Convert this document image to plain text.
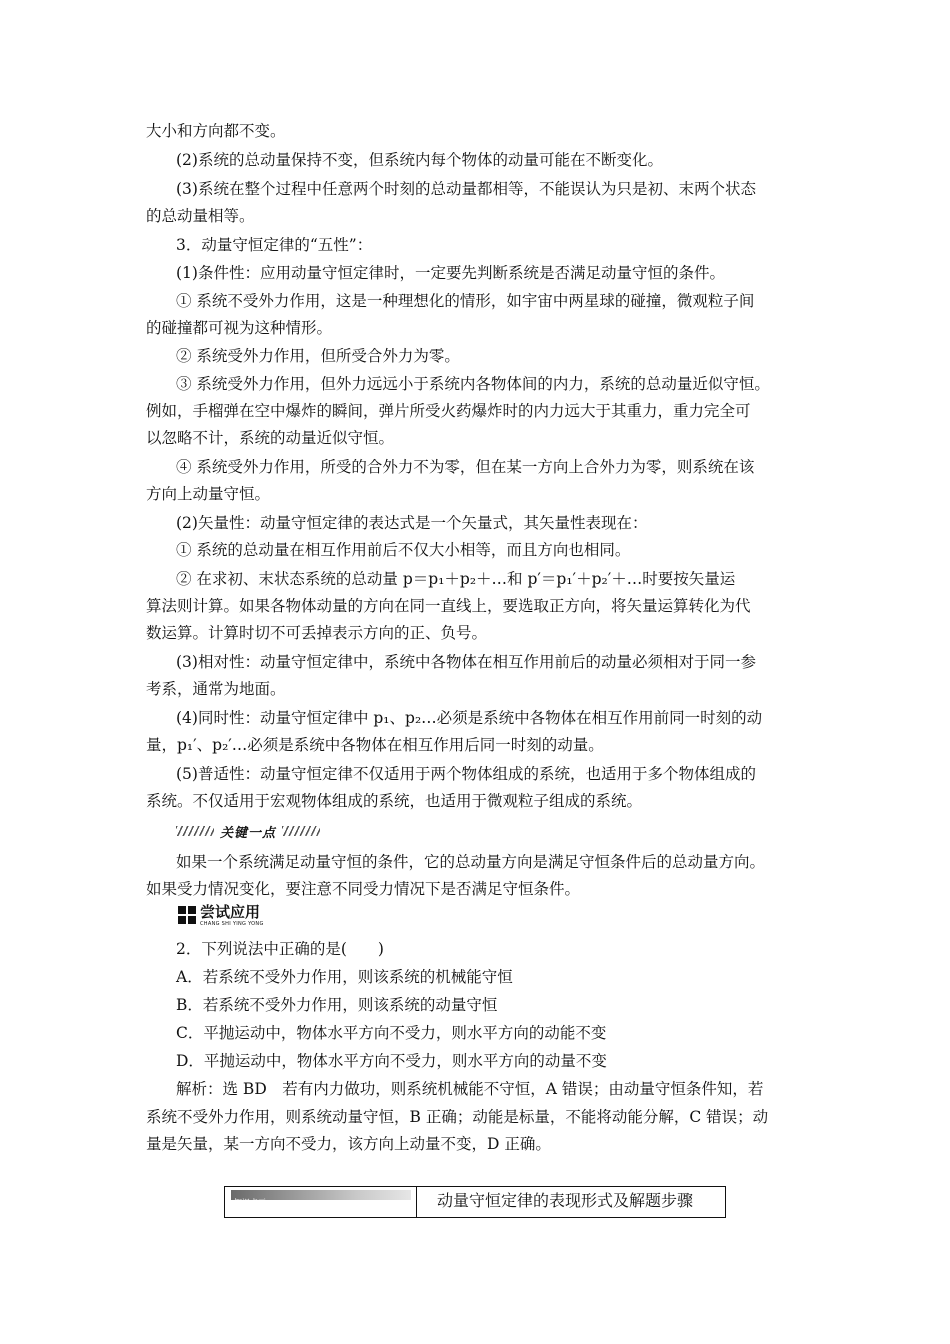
大小和方向都不变。
(2)系统的总动量保持不变，但系统内每个物体的动量可能在不断变化。
(3)系统在整个过程中任意两个时刻的总动量都相等，不能误认为只是初、末两个状态
的总动量相等。
3．动量守恒定律的“五性”：
(1)条件性：应用动量守恒定律时，一定要先判断系统是否满足动量守恒的条件。
① 系统不受外力作用，这是一种理想化的情形，如宇宙中两星球的碰撞，微观粒子间
的碰撞都可视为这种情形。
② 系统受外力作用，但所受合外力为零。
③ 系统受外力作用，但外力远远小于系统内各物体间的内力，系统的总动量近似守恒。
例如，手榴弹在空中爆炸的瞬间，弹片所受火药爆炸时的内力远大于其重力，重力完全可
以忽略不计，系统的动量近似守恒。
④ 系统受外力作用，所受的合外力不为零，但在某一方向上合外力为零，则系统在该
方向上动量守恒。
(2)矢量性：动量守恒定律的表达式是一个矢量式，其矢量性表现在：
① 系统的总动量在相互作用前后不仅大小相等，而且方向也相同。
② 在求初、末状态系统的总动量 p＝p₁＋p₂＋…和 p′＝p₁′＋p₂′＋…时要按矢量运
算法则计算。如果各物体动量的方向在同一直线上，要选取正方向，将矢量运算转化为代
数运算。计算时切不可丢掉表示方向的正、负号。
(3)相对性：动量守恒定律中，系统中各物体在相互作用前后的动量必须相对于同一参
考系，通常为地面。
(4)同时性：动量守恒定律中 p₁、p₂…必须是系统中各物体在相互作用前同一时刻的动
量，p₁′、p₂′…必须是系统中各物体在相互作用后同一时刻的动量。
(5)普适性：动量守恒定律不仅适用于两个物体组成的系统，也适用于多个物体组成的
系统。不仅适用于宏观物体组成的系统，也适用于微观粒子组成的系统。
关键一点
如果一个系统满足动量守恒的条件，它的总动量方向是满足守恒条件后的总动量方向。
如果受力情况变化，要注意不同受力情况下是否满足守恒条件。
尝试应用
CHANG SHI YING YONG
2．下列说法中正确的是(　　)
A．若系统不受外力作用，则该系统的机械能守恒
B．若系统不受外力作用，则该系统的动量守恒
C．平抛运动中，物体水平方向不受力，则水平方向的动能不变
D．平抛运动中，物体水平方向不受力，则水平方向的动量不变
解析：选 BD　若有内力做功，则系统机械能不守恒，A 错误；由动量守恒条件知，若
系统不受外力作用，则系统动量守恒，B 正确；动能是标量，不能将动能分解，C 错误；动
量是矢量，某一方向不受力，该方向上动量不变，D 正确。
知识点三	动量守恒定律的表现形式及解题步骤
